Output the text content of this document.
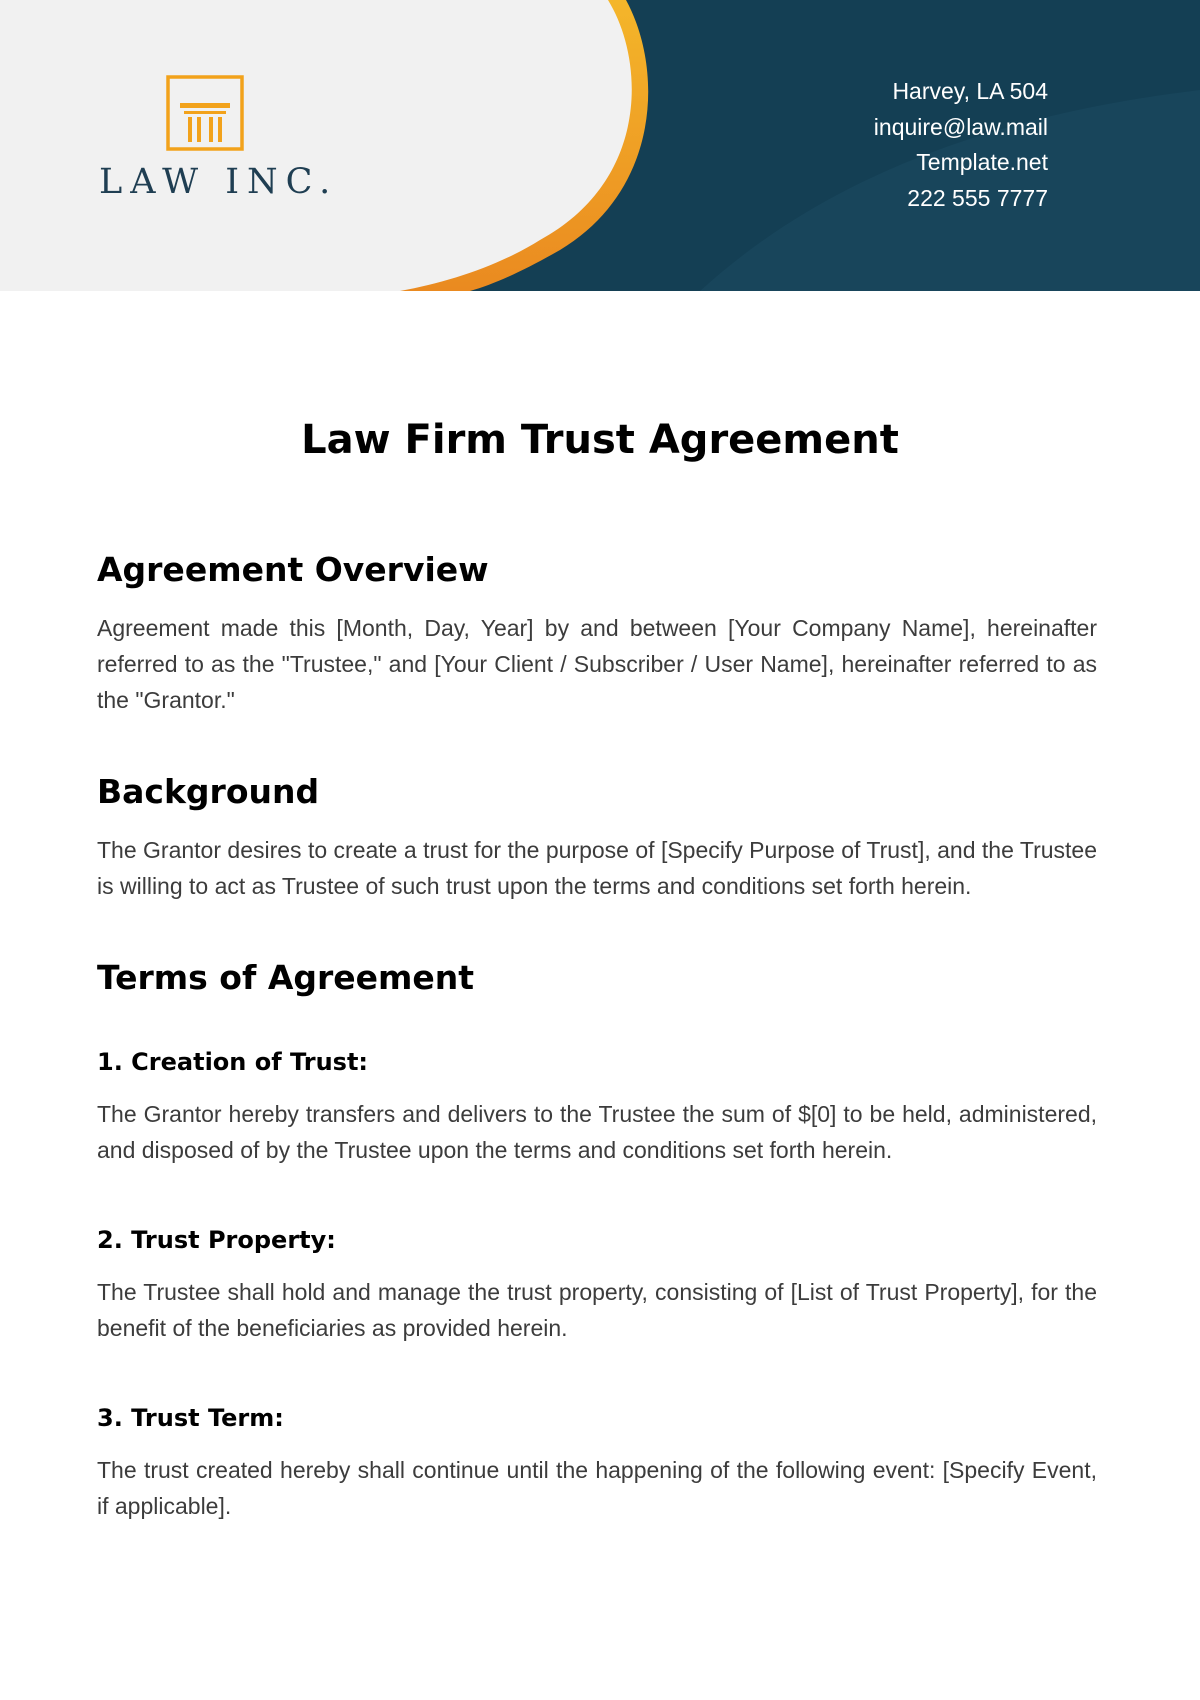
LAW INC.
Harvey, LA 504
inquire@law.mail
Template.net
222 555 7777
Law Firm Trust Agreement
Agreement Overview

Agreement made this [Month, Day, Year] by and between [Your Company Name], hereinafter referred to as the "Trustee," and [Your Client / Subscriber / User Name], hereinafter referred to as the "Grantor."

Background

The Grantor desires to create a trust for the purpose of [Specify Purpose of Trust], and the Trustee is willing to act as Trustee of such trust upon the terms and conditions set forth herein.

Terms of Agreement
1. Creation of Trust:

The Grantor hereby transfers and delivers to the Trustee the sum of $[0] to be held, administered, and disposed of by the Trustee upon the terms and conditions set forth herein.

2. Trust Property:

The Trustee shall hold and manage the trust property, consisting of [List of Trust Property], for the benefit of the beneficiaries as provided herein.

3. Trust Term:

The trust created hereby shall continue until the happening of the following event: [Specify Event, if applicable].
